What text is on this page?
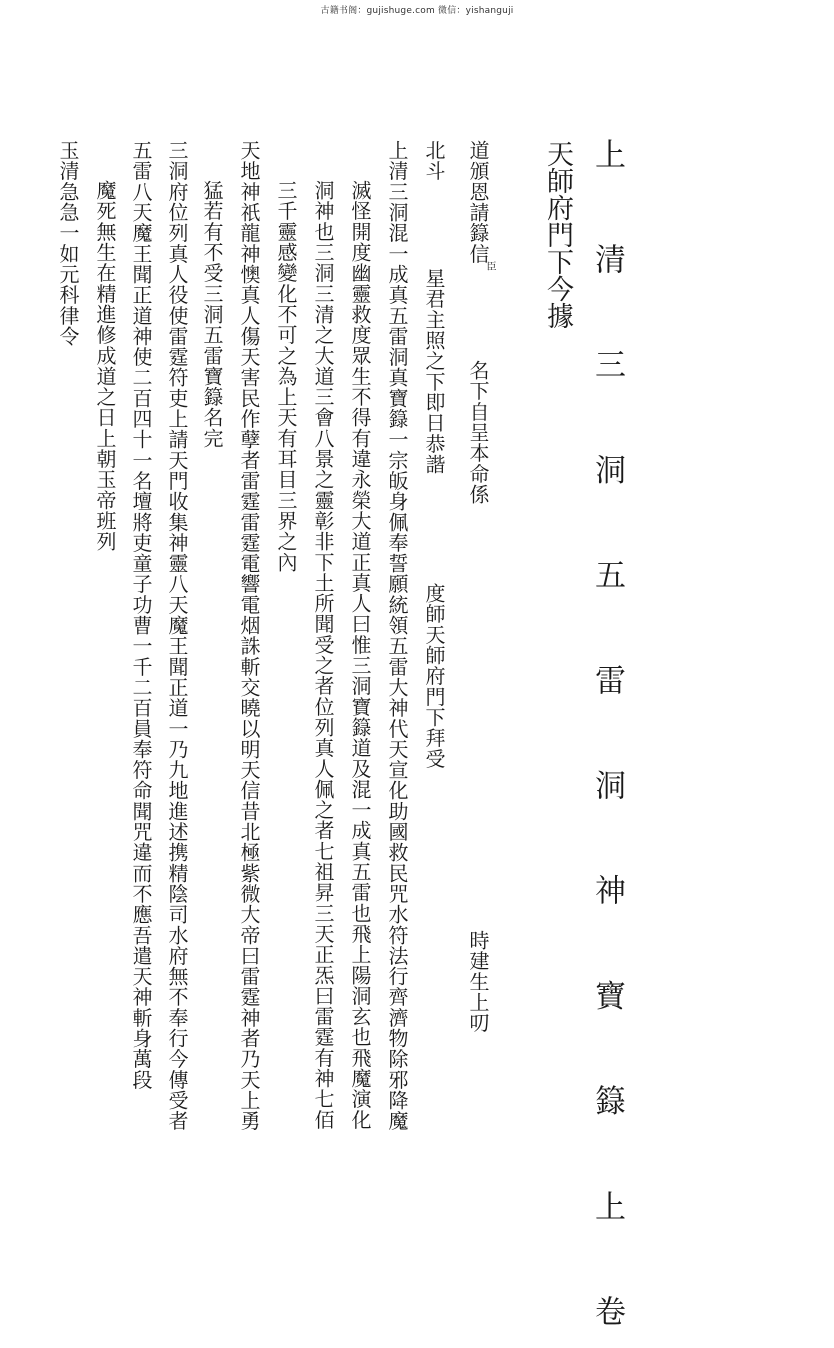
古籍书阁：gujishuge.com 微信：yishanguji
上　清　三　洞　五　雷　洞　神　寶　籙　上　卷
天師府門下今據
道頒恩請籙信
臣
名下自呈本命係
時建生上叨
北斗
星君主照之下即日恭諧
度師天師府門下拜受
上清三洞混一成真五雷洞真寶籙一宗皈身佩奉誓願統領五雷大神代天宣化助國救民咒水符法行齊濟物除邪降魔
滅怪開度幽靈救度眾生不得有違永榮大道正真人曰惟三洞寶籙道及混一成真五雷也飛上陽洞玄也飛魔演化
洞神也三洞三清之大道三會八景之靈彰非下土所聞受之者位列真人佩之者七祖昇三天正炁曰雷霆有神七佰
三千靈感變化不可之為上天有耳目三界之內
天地神祇龍神懊真人傷天害民作孽者雷霆雷霆電響電烟誅斬交曉以明天信昔北極紫微大帝曰雷霆神者乃天上勇
猛若有不受三洞五雷寶籙名完
三洞府位列真人役使雷霆符吏上請天門收集神靈八天魔王聞正道一乃九地進述携精陰司水府無不奉行今傳受者
五雷八天魔王聞正道神使二百四十一名壇將吏童子功曹一千二百員奉符命聞咒違而不應吾遣天神斬身萬段
魔死無生在精進修成道之日上朝玉帝班列
玉清急急一如元科律令
